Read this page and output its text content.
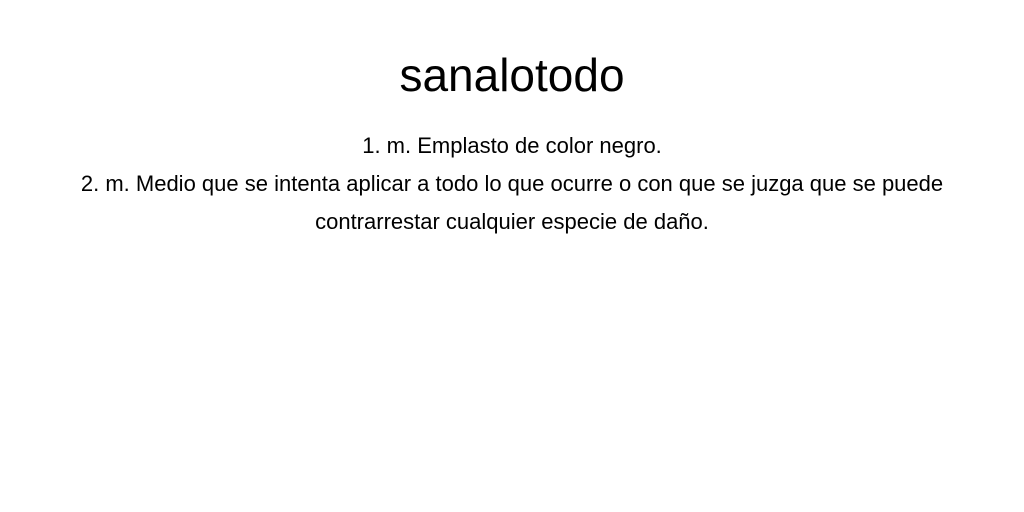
sanalotodo
1. m. Emplasto de color negro.
2. m. Medio que se intenta aplicar a todo lo que ocurre o con que se juzga que se puede contrarrestar cualquier especie de daño.
